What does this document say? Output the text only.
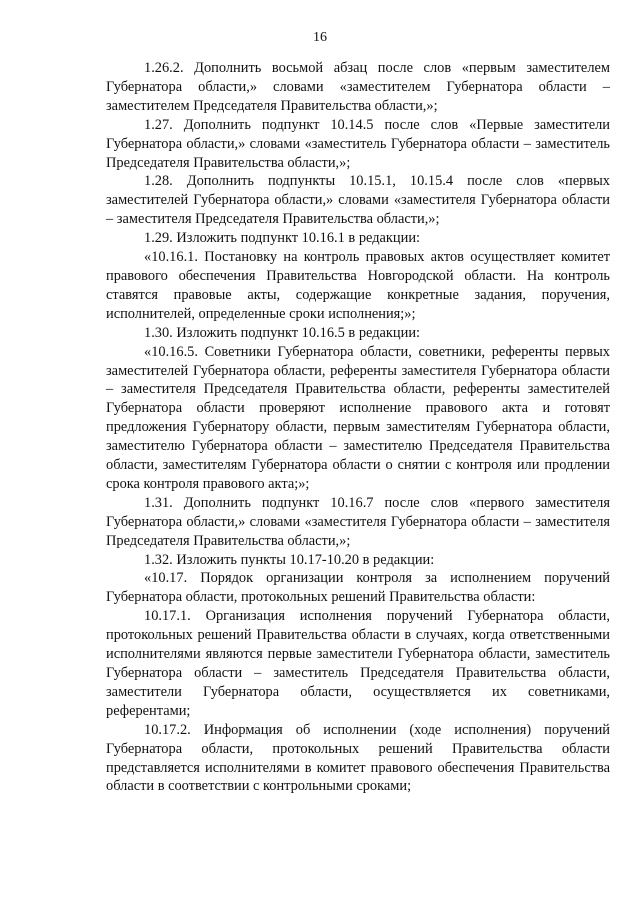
16

1.26.2. Дополнить восьмой абзац после слов «первым заместителем Губернатора области,» словами «заместителем Губернатора области – заместителем Председателя Правительства области,»;

1.27. Дополнить подпункт 10.14.5 после слов «Первые заместители Губернатора области,» словами «заместитель Губернатора области – заместитель Председателя Правительства области,»;

1.28. Дополнить подпункты 10.15.1, 10.15.4 после слов «первых заместителей Губернатора области,» словами «заместителя Губернатора области – заместителя Председателя Правительства области,»;

1.29. Изложить подпункт 10.16.1 в редакции:

«10.16.1. Постановку на контроль правовых актов осуществляет комитет правового обеспечения Правительства Новгородской области. На контроль ставятся правовые акты, содержащие конкретные задания, поручения, исполнителей, определенные сроки исполнения;»;

1.30. Изложить подпункт 10.16.5 в редакции:

«10.16.5. Советники Губернатора области, советники, референты первых заместителей Губернатора области, референты заместителя Губернатора области – заместителя Председателя Правительства области, референты заместителей Губернатора области проверяют исполнение правового акта и готовят предложения Губернатору области, первым заместителям Губернатора области, заместителю Губернатора области – заместителю Председателя Правительства области, заместителям Губернатора области о снятии с контроля или продлении срока контроля правового акта;»;

1.31. Дополнить подпункт 10.16.7 после слов «первого заместителя Губернатора области,» словами «заместителя Губернатора области – заместителя Председателя Правительства области,»;

1.32. Изложить пункты 10.17-10.20 в редакции:

«10.17. Порядок организации контроля за исполнением поручений Губернатора области, протокольных решений Правительства области:

10.17.1. Организация исполнения поручений Губернатора области, протокольных решений Правительства области в случаях, когда ответственными исполнителями являются первые заместители Губернатора области, заместитель Губернатора области – заместитель Председателя Правительства области, заместители Губернатора области, осуществляется их советниками, референтами;

10.17.2. Информация об исполнении (ходе исполнения) поручений Губернатора области, протокольных решений Правительства области представляется исполнителями в комитет правового обеспечения Правительства области в соответствии с контрольными сроками;
